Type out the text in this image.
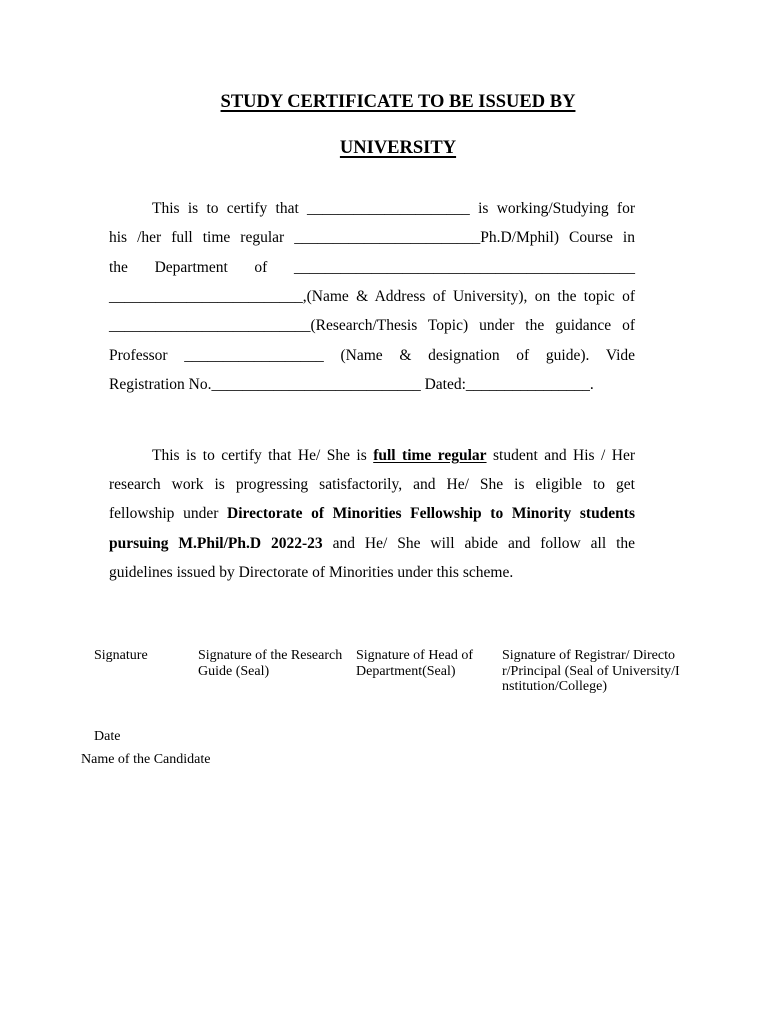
STUDY CERTIFICATE TO BE ISSUED BY
UNIVERSITY
This is to certify that _____________________ is working/Studying for
his /her full time regular ________________________Ph.D/Mphil) Course in
the Department of ____________________________________________
_________________________,(Name & Address of University), on the topic of
__________________________(Research/Thesis Topic) under the guidance of
Professor __________________ (Name & designation of guide). Vide
Registration No.___________________________ Dated:________________.
This is to certify that He/ She is full time regular student and His / Her
research work is progressing satisfactorily, and He/ She is eligible to get
fellowship under Directorate of Minorities Fellowship to Minority students
pursuing M.Phil/Ph.D 2022-23 and He/ She will abide and follow all the
guidelines issued by Directorate of Minorities under this scheme.
Signature	Signature of the Research Guide (Seal)
Signature of Head of Department(Seal)
Signature of Registrar/ Director/Principal (Seal of University/Institution/College)
Date
Name of the Candidate
